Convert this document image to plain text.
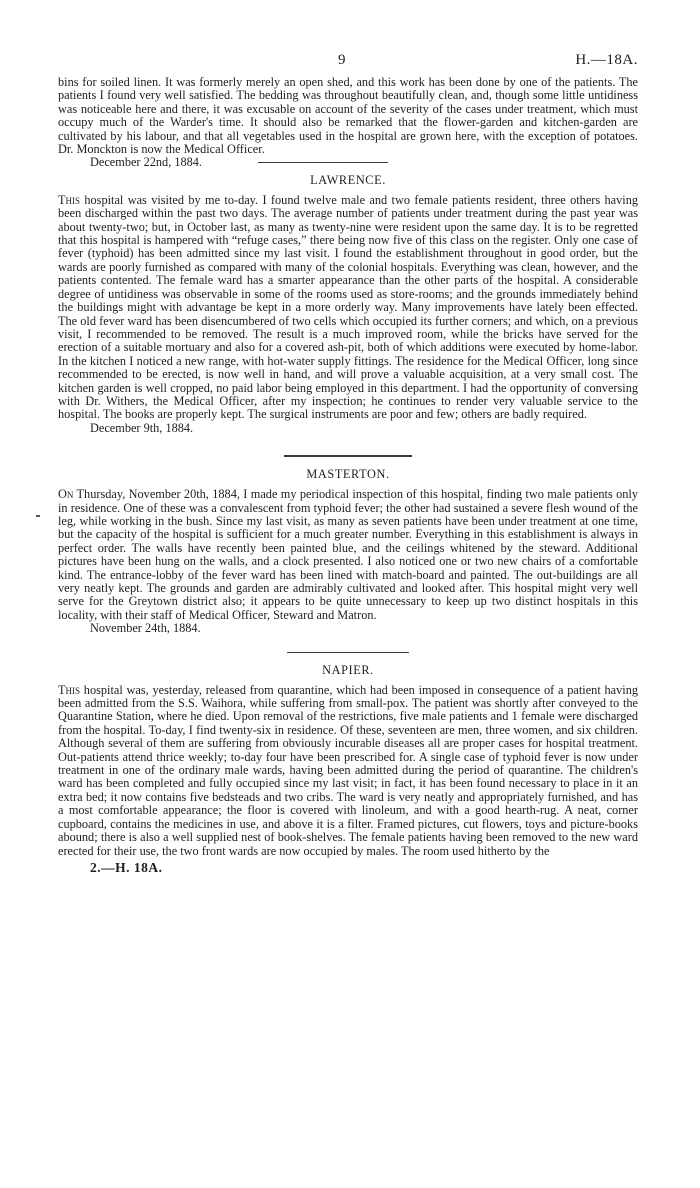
9	H.—18A.

bins for soiled linen. It was formerly merely an open shed, and this work has been done by one of the patients. The patients I found very well satisfied. The bedding was throughout beautifully clean, and, though some little untidiness was noticeable here and there, it was excusable on account of the severity of the cases under treatment, which must occupy much of the Warder's time. It should also be remarked that the flower-garden and kitchen-garden are cultivated by his labour, and that all vegetables used in the hospital are grown here, with the exception of potatoes. Dr. Monckton is now the Medical Officer.

December 22nd, 1884.

LAWRENCE.

This hospital was visited by me to-day. I found twelve male and two female patients resident, three others having been discharged within the past two days. The average number of patients under treatment during the past year was about twenty-two; but, in October last, as many as twenty-nine were resident upon the same day. It is to be regretted that this hospital is hampered with “refuge cases,” there being now five of this class on the register. Only one case of fever (typhoid) has been admitted since my last visit. I found the establishment throughout in good order, but the wards are poorly furnished as compared with many of the colonial hospitals. Everything was clean, however, and the patients contented. The female ward has a smarter appearance than the other parts of the hospital. A considerable degree of untidiness was observable in some of the rooms used as store-rooms; and the grounds immediately behind the buildings might with advantage be kept in a more orderly way. Many improvements have lately been effected. The old fever ward has been disencumbered of two cells which occupied its further corners; and which, on a previous visit, I recommended to be removed. The result is a much improved room, while the bricks have served for the erection of a suitable mortuary and also for a covered ash-pit, both of which additions were executed by home-labor. In the kitchen I noticed a new range, with hot-water supply fittings. The residence for the Medical Officer, long since recommended to be erected, is now well in hand, and will prove a valuable acquisition, at a very small cost. The kitchen garden is well cropped, no paid labor being employed in this department. I had the opportunity of conversing with Dr. Withers, the Medical Officer, after my inspection; he continues to render very valuable service to the hospital. The books are properly kept. The surgical instruments are poor and few; others are badly required.

December 9th, 1884.

MASTERTON.

On Thursday, November 20th, 1884, I made my periodical inspection of this hospital, finding two male patients only in residence. One of these was a convalescent from typhoid fever; the other had sustained a severe flesh wound of the leg, while working in the bush. Since my last visit, as many as seven patients have been under treatment at one time, but the capacity of the hospital is sufficient for a much greater number. Everything in this establishment is always in perfect order. The walls have recently been painted blue, and the ceilings whitened by the steward. Additional pictures have been hung on the walls, and a clock presented. I also noticed one or two new chairs of a comfortable kind. The entrance-lobby of the fever ward has been lined with match-board and painted. The out-buildings are all very neatly kept. The grounds and garden are admirably cultivated and looked after. This hospital might very well serve for the Greytown district also; it appears to be quite unnecessary to keep up two distinct hospitals in this locality, with their staff of Medical Officer, Steward and Matron.

November 24th, 1884.

NAPIER.

This hospital was, yesterday, released from quarantine, which had been imposed in consequence of a patient having been admitted from the S.S. Waihora, while suffering from small-pox. The patient was shortly after conveyed to the Quarantine Station, where he died. Upon removal of the restrictions, five male patients and 1 female were discharged from the hospital. To-day, I find twenty-six in residence. Of these, seventeen are men, three women, and six children. Although several of them are suffering from obviously incurable diseases all are proper cases for hospital treatment. Out-patients attend thrice weekly; to-day four have been prescribed for. A single case of typhoid fever is now under treatment in one of the ordinary male wards, having been admitted during the period of quarantine. The children's ward has been completed and fully occupied since my last visit; in fact, it has been found necessary to place in it an extra bed; it now contains five bedsteads and two cribs. The ward is very neatly and appropriately furnished, and has a most comfortable appearance; the floor is covered with linoleum, and with a good hearth-rug. A neat, corner cupboard, contains the medicines in use, and above it is a filter. Framed pictures, cut flowers, toys and picture-books abound; there is also a well supplied nest of book-shelves. The female patients having been removed to the new ward erected for their use, the two front wards are now occupied by males. The room used hitherto by the

2.—H. 18A.
